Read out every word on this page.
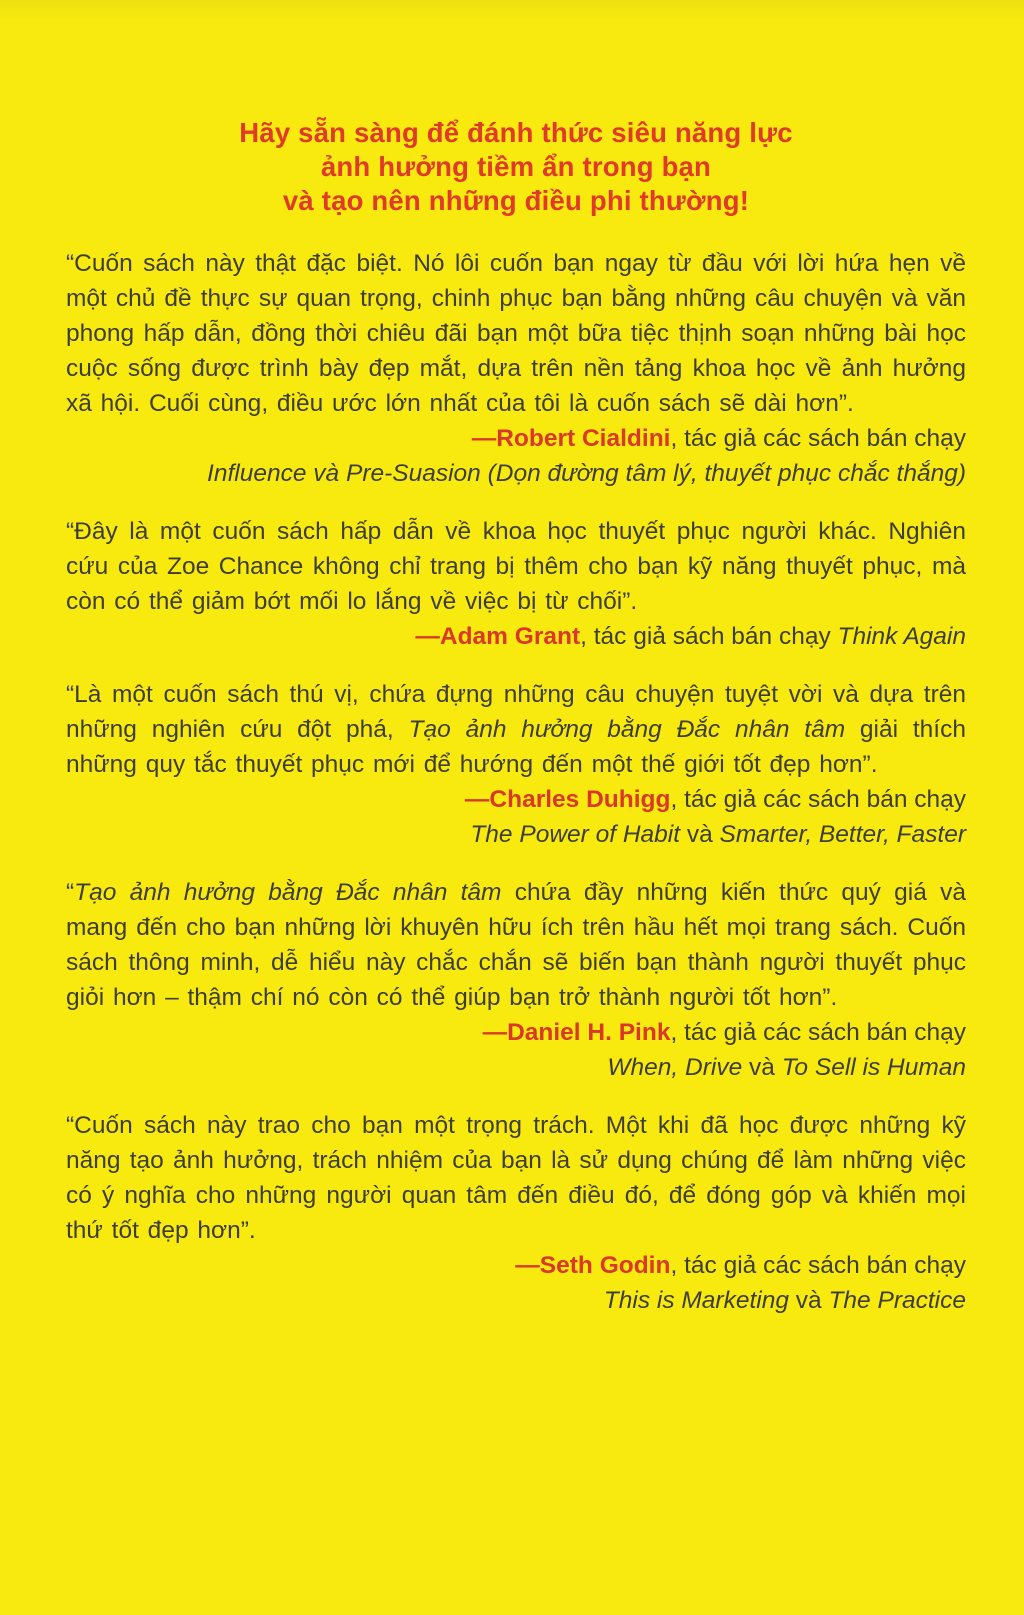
Hãy sẵn sàng để đánh thức siêu năng lực
ảnh hưởng tiềm ẩn trong bạn
và tạo nên những điều phi thường!

“Cuốn sách này thật đặc biệt. Nó lôi cuốn bạn ngay từ đầu với lời hứa hẹn về một chủ đề thực sự quan trọng, chinh phục bạn bằng những câu chuyện và văn phong hấp dẫn, đồng thời chiêu đãi bạn một bữa tiệc thịnh soạn những bài học cuộc sống được trình bày đẹp mắt, dựa trên nền tảng khoa học về ảnh hưởng xã hội. Cuối cùng, điều ước lớn nhất của tôi là cuốn sách sẽ dài hơn”.

—Robert Cialdini, tác giả các sách bán chạy

Influence và Pre-Suasion (Dọn đường tâm lý, thuyết phục chắc thắng)

“Đây là một cuốn sách hấp dẫn về khoa học thuyết phục người khác. Nghiên cứu của Zoe Chance không chỉ trang bị thêm cho bạn kỹ năng thuyết phục, mà còn có thể giảm bớt mối lo lắng về việc bị từ chối”.

—Adam Grant, tác giả sách bán chạy Think Again

“Là một cuốn sách thú vị, chứa đựng những câu chuyện tuyệt vời và dựa trên những nghiên cứu đột phá, Tạo ảnh hưởng bằng Đắc nhân tâm giải thích những quy tắc thuyết phục mới để hướng đến một thế giới tốt đẹp hơn”.

—Charles Duhigg, tác giả các sách bán chạy

The Power of Habit và Smarter, Better, Faster

“Tạo ảnh hưởng bằng Đắc nhân tâm chứa đầy những kiến thức quý giá và mang đến cho bạn những lời khuyên hữu ích trên hầu hết mọi trang sách. Cuốn sách thông minh, dễ hiểu này chắc chắn sẽ biến bạn thành người thuyết phục giỏi hơn – thậm chí nó còn có thể giúp bạn trở thành người tốt hơn”.

—Daniel H. Pink, tác giả các sách bán chạy

When, Drive và To Sell is Human

“Cuốn sách này trao cho bạn một trọng trách. Một khi đã học được những kỹ năng tạo ảnh hưởng, trách nhiệm của bạn là sử dụng chúng để làm những việc có ý nghĩa cho những người quan tâm đến điều đó, để đóng góp và khiến mọi thứ tốt đẹp hơn”.

—Seth Godin, tác giả các sách bán chạy

This is Marketing và The Practice
